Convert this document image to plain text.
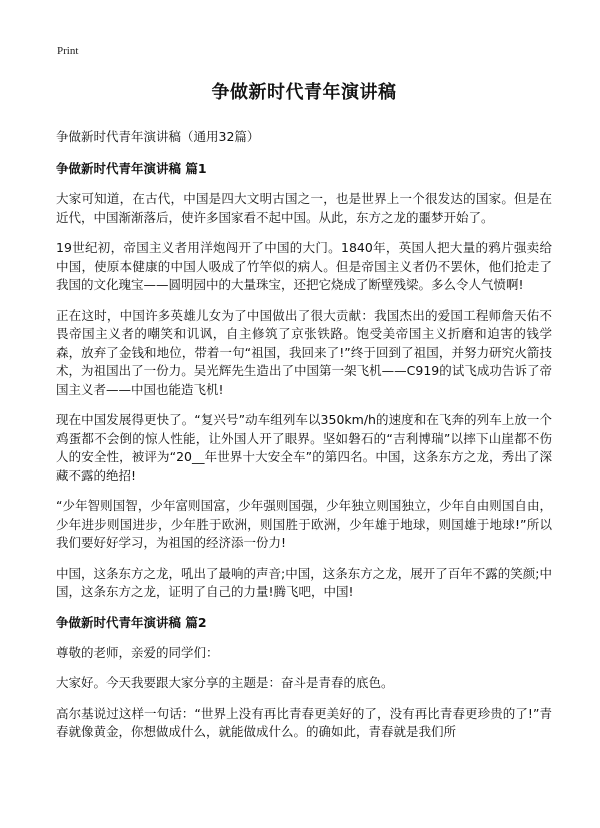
Print
争做新时代青年演讲稿
争做新时代青年演讲稿（通用32篇）
争做新时代青年演讲稿 篇1

大家可知道，在古代，中国是四大文明古国之一，也是世界上一个很发达的国家。但是在近代，中国渐渐落后，使许多国家看不起中国。从此，东方之龙的噩梦开始了。

19世纪初，帝国主义者用洋炮闯开了中国的大门。1840年，英国人把大量的鸦片强卖给中国，使原本健康的中国人吸成了竹竿似的病人。但是帝国主义者仍不罢休，他们抢走了我国的文化瑰宝——圆明园中的大量珠宝，还把它烧成了断壁残梁。多么令人气愤啊!

正在这时，中国许多英雄儿女为了中国做出了很大贡献：我国杰出的爱国工程师詹天佑不畏帝国主义者的嘲笑和讥讽，自主修筑了京张铁路。饱受美帝国主义折磨和迫害的钱学森，放弃了金钱和地位，带着一句“祖国，我回来了!”终于回到了祖国，并努力研究火箭技术，为祖国出了一份力。吴光辉先生造出了中国第一架飞机——C919的试飞成功告诉了帝国主义者——中国也能造飞机!

现在中国发展得更快了。“复兴号”动车组列车以350km/h的速度和在飞奔的列车上放一个鸡蛋都不会倒的惊人性能，让外国人开了眼界。坚如磐石的“吉利博瑞”以摔下山崖都不伤人的安全性，被评为“20__年世界十大安全车”的第四名。中国，这条东方之龙，秀出了深藏不露的绝招!

“少年智则国智，少年富则国富，少年强则国强，少年独立则国独立，少年自由则国自由，少年进步则国进步，少年胜于欧洲，则国胜于欧洲，少年雄于地球，则国雄于地球!”所以我们要好好学习，为祖国的经济添一份力!

中国，这条东方之龙，吼出了最响的声音;中国，这条东方之龙，展开了百年不露的笑颜;中国，这条东方之龙，证明了自己的力量!腾飞吧，中国!

争做新时代青年演讲稿 篇2

尊敬的老师，亲爱的同学们：

大家好。今天我要跟大家分享的主题是：奋斗是青春的底色。

高尔基说过这样一句话：“世界上没有再比青春更美好的了，没有再比青春更珍贵的了!”青春就像黄金，你想做成什么，就能做成什么。的确如此，青春就是我们所
